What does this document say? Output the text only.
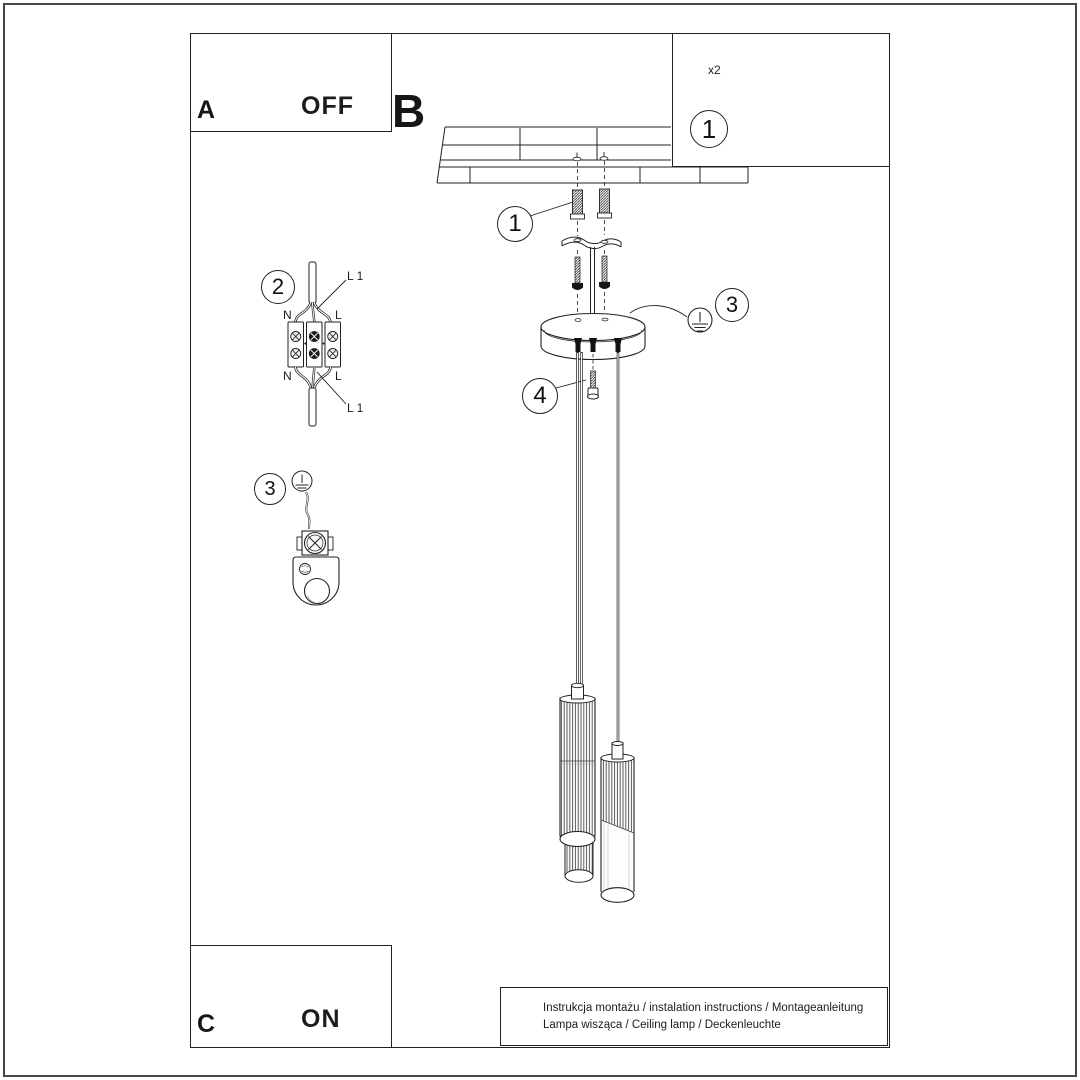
A	B
C
OFF
ON
x2
1
1
2
3
3
4
N	L
L 1
N	L
L 1
Instrukcja montażu / instalation instructions / Montageanleitung
Lampa wisząca / Ceiling lamp / Deckenleuchte
